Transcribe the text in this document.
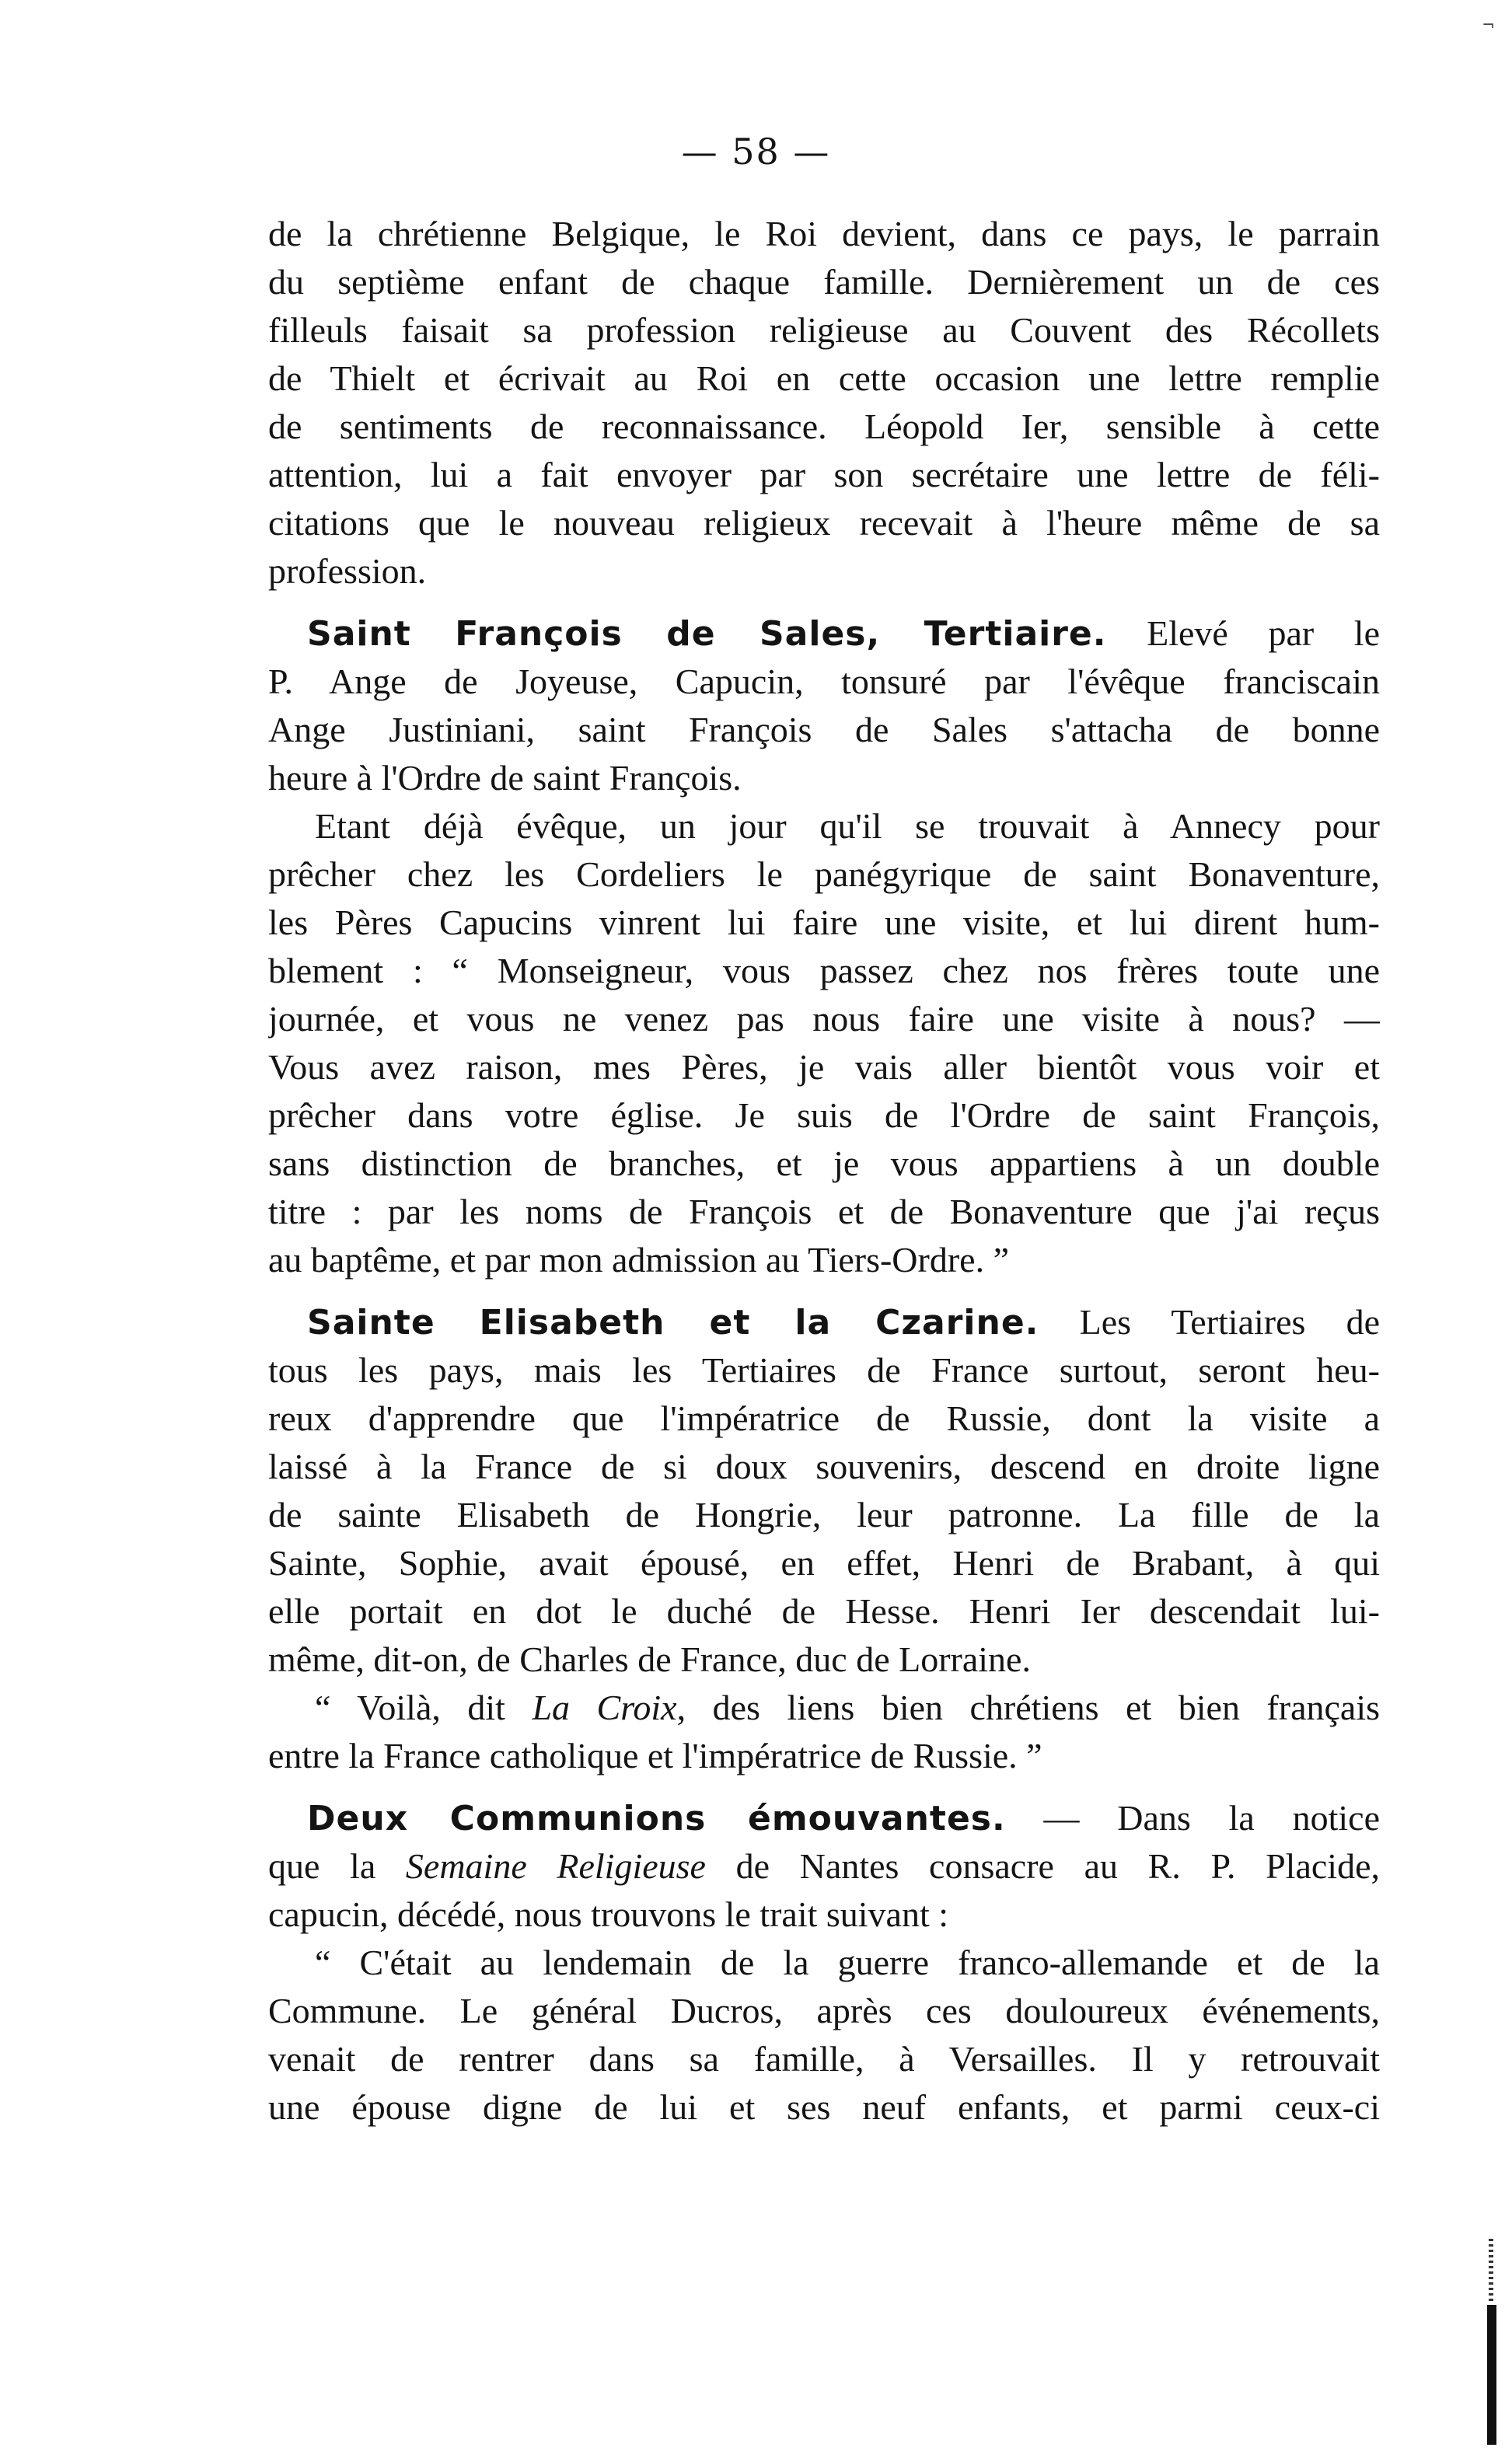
¬
— 58 —
de la chrétienne Belgique, le Roi devient, dans ce pays, le parrain
du septième enfant de chaque famille. Dernièrement un de ces
filleuls faisait sa profession religieuse au Couvent des Récollets
de Thielt et écrivait au Roi en cette occasion une lettre remplie
de sentiments de reconnaissance. Léopold Ier, sensible à cette
attention, lui a fait envoyer par son secrétaire une lettre de féli-
citations que le nouveau religieux recevait à l'heure même de sa
profession.
Saint François de Sales, Tertiaire. Elevé par le
P. Ange de Joyeuse, Capucin, tonsuré par l'évêque franciscain
Ange Justiniani, saint François de Sales s'attacha de bonne
heure à l'Ordre de saint François.
Etant déjà évêque, un jour qu'il se trouvait à Annecy pour
prêcher chez les Cordeliers le panégyrique de saint Bonaventure,
les Pères Capucins vinrent lui faire une visite, et lui dirent hum-
blement : “ Monseigneur, vous passez chez nos frères toute une
journée, et vous ne venez pas nous faire une visite à nous? —
Vous avez raison, mes Pères, je vais aller bientôt vous voir et
prêcher dans votre église. Je suis de l'Ordre de saint François,
sans distinction de branches, et je vous appartiens à un double
titre : par les noms de François et de Bonaventure que j'ai reçus
au baptême, et par mon admission au Tiers-Ordre. ”
Sainte Elisabeth et la Czarine. Les Tertiaires de
tous les pays, mais les Tertiaires de France surtout, seront heu-
reux d'apprendre que l'impératrice de Russie, dont la visite a
laissé à la France de si doux souvenirs, descend en droite ligne
de sainte Elisabeth de Hongrie, leur patronne. La fille de la
Sainte, Sophie, avait épousé, en effet, Henri de Brabant, à qui
elle portait en dot le duché de Hesse. Henri Ier descendait lui-
même, dit-on, de Charles de France, duc de Lorraine.
“ Voilà, dit La Croix, des liens bien chrétiens et bien français
entre la France catholique et l'impératrice de Russie. ”
Deux Communions émouvantes. — Dans la notice
que la Semaine Religieuse de Nantes consacre au R. P. Placide,
capucin, décédé, nous trouvons le trait suivant :
“ C'était au lendemain de la guerre franco-allemande et de la
Commune. Le général Ducros, après ces douloureux événements,
venait de rentrer dans sa famille, à Versailles. Il y retrouvait
une épouse digne de lui et ses neuf enfants, et parmi ceux-ci
